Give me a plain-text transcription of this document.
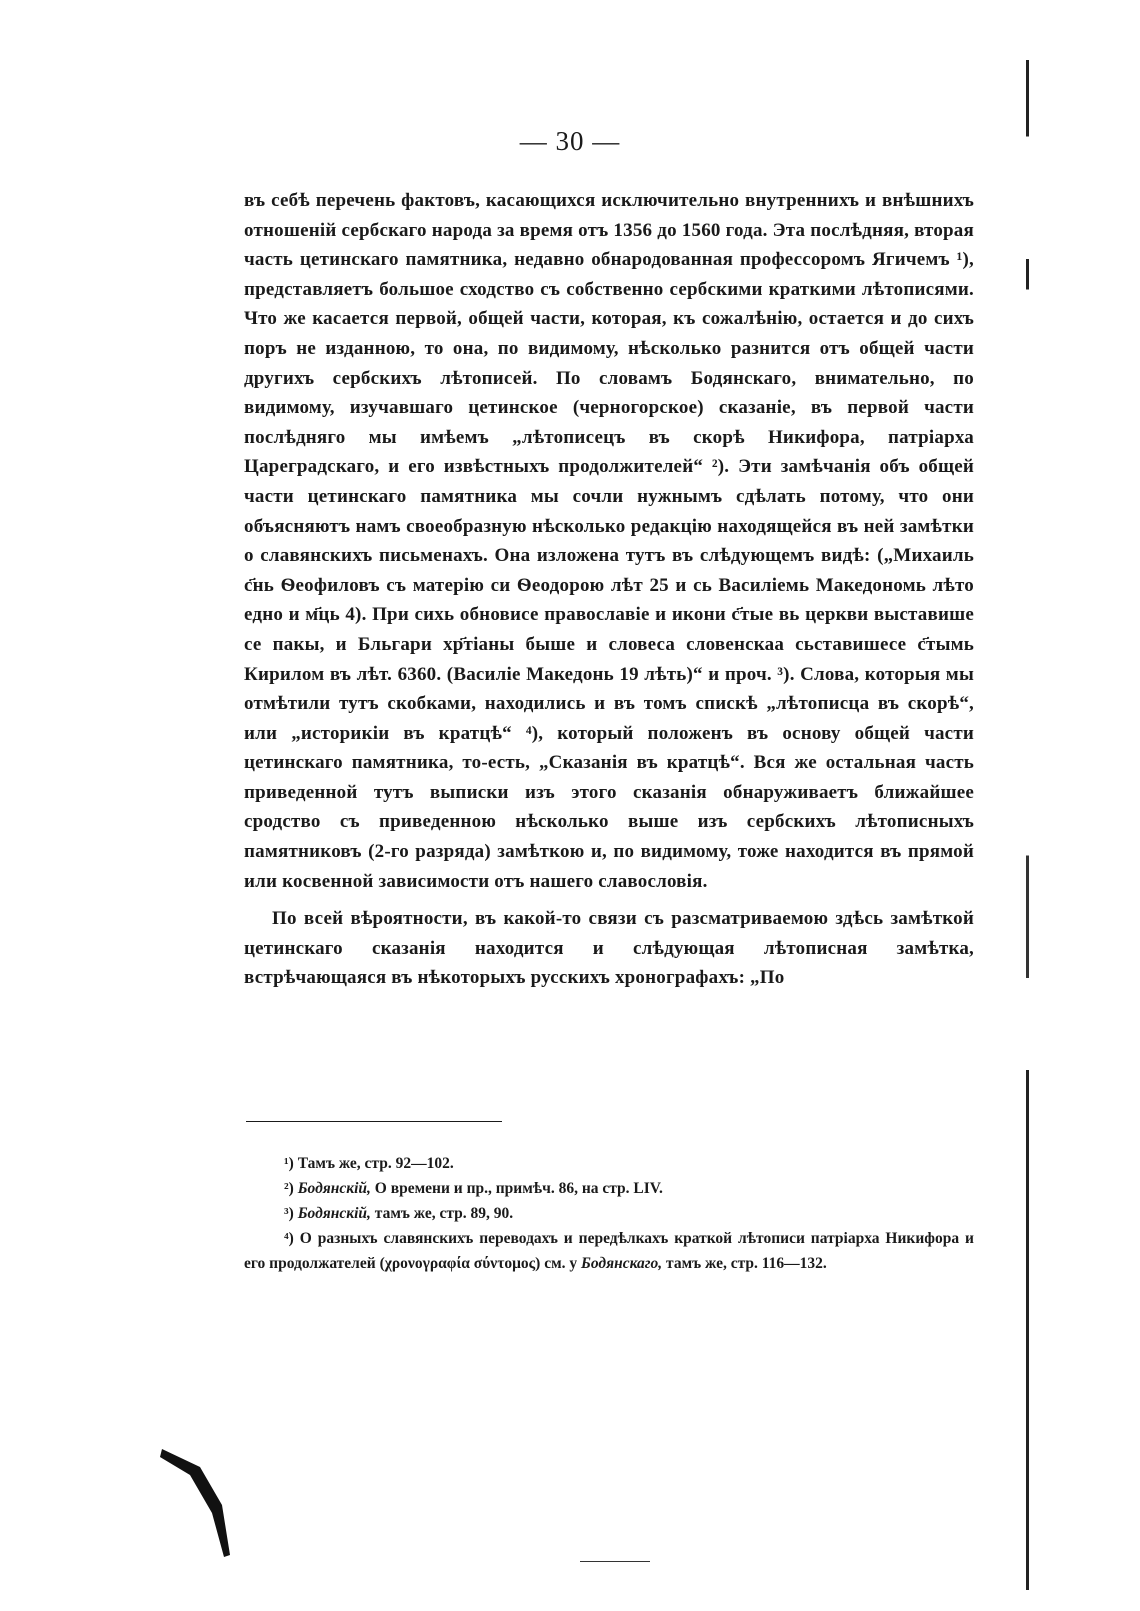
— 30 —

въ себѣ перечень фактовъ, касающихся исключительно внутреннихъ и внѣшнихъ отношеній сербскаго народа за время отъ 1356 до 1560 года. Эта послѣдняя, вторая часть цетинскаго памятника, недавно обнародованная профессоромъ Ягичемъ ¹), представляетъ большое сходство съ собственно сербскими краткими лѣтописями. Что же касается первой, общей части, которая, къ сожалѣнію, остается и до сихъ поръ не изданною, то она, по видимому, нѣсколько разнится отъ общей части другихъ сербскихъ лѣтописей. По словамъ Бодянскаго, внимательно, по видимому, изучавшаго цетинское (черногорское) сказаніе, въ первой части послѣдняго мы имѣемъ „лѣтописецъ въ скорѣ Никифора, патріарха Цареградскаго, и его извѣстныхъ продолжителей“ ²). Эти замѣчанія объ общей части цетинскаго памятника мы сочли нужнымъ сдѣлать потому, что они объясняютъ намъ своеобразную нѣсколько редакцію находящейся въ ней замѣтки о славянскихъ письменахъ. Она изложена тутъ въ слѣдующемъ видѣ: („Михаиль с҃нь Ѳеофиловъ съ матерію си Ѳеодорою лѣт 25 и сь Василіемь Македономь лѣто едно и м҃ць 4). При сихь обновисе православіе и икони с҃тые вь церкви выставише се пакы, и Бльгари хр҃тіаны быше и словеса словенскаа сьставишесе с҃тымь Кирилом въ лѣт. 6360. (Василіе Македонь 19 лѣть)“ и проч. ³). Слова, которыя мы отмѣтили тутъ скобками, находились и въ томъ спискѣ „лѣтописца въ скорѣ“, или „историкіи въ кратцѣ“ ⁴), который положенъ въ основу общей части цетинскаго памятника, то-есть, „Сказанія въ кратцѣ“. Вся же остальная часть приведенной тутъ выписки изъ этого сказанія обнаруживаетъ ближайшее сродство съ приведенною нѣсколько выше изъ сербскихъ лѣтописныхъ памятниковъ (2-го разряда) замѣткою и, по видимому, тоже находится въ прямой или косвенной зависимости отъ нашего славословія.

По всей вѣроятности, въ какой-то связи съ разсматриваемою здѣсь замѣткой цетинскаго сказанія находится и слѣдующая лѣтописная замѣтка, встрѣчающаяся въ нѣкоторыхъ русскихъ хронографахъ: „По

¹) Тамъ же, стр. 92—102.

²) Бодянскій, О времени и пр., примѣч. 86, на стр. LIV.

³) Бодянскій, тамъ же, стр. 89, 90.

⁴) О разныхъ славянскихъ переводахъ и передѣлкахъ краткой лѣтописи патріарха Никифора и его продолжателей (χρονογραφία σύντομος) см. у Бодянскаго, тамъ же, стр. 116—132.
